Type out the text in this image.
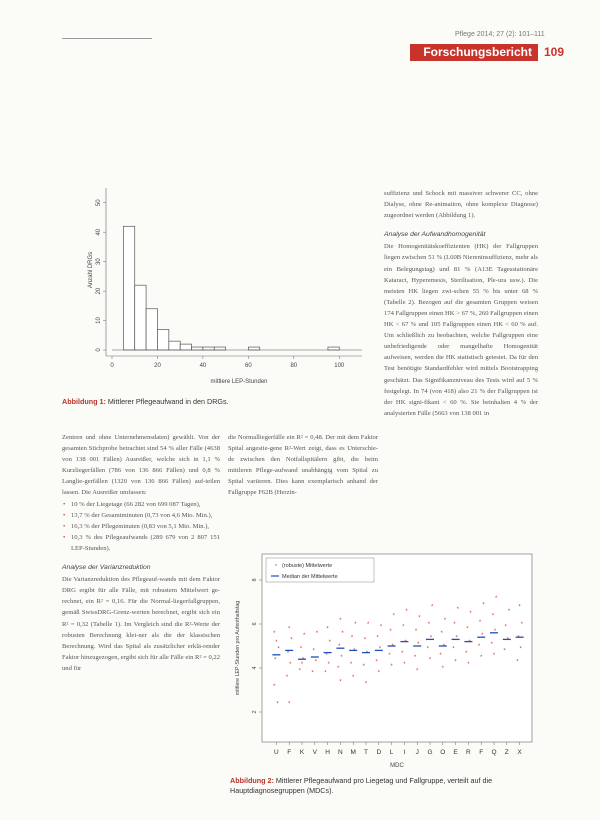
Pflege 2014; 27 (2): 101–111
Forschungsbericht	109
0	20	40	60	80	100
0
10
20
30
40
50
mittlere LEP-Stunden
Anzahl DRGs
Abbildung 1: Mittlerer Pflegeaufwand in den DRGs.

suffizienz und Schock mit massiver schwerer CC, ohne Dialyse, ohne Re-animation, ohne komplexe Diagnose) zugeordnet werden (Abbildung 1).

Analyse der Aufwandhomogenität

Die Homogenitätskoeffizienten (HK) der Fallgruppen liegen zwischen 51 % (L60B Niereninsuffizienz, mehr als ein Belegungstag) und 81 % (A13E Tagesstationäre Kataract, Hyperemesis, Sterilisation, Ple-ura usw.). Die meisten HK liegen zwi-schen 55 % bis unter 68 % (Tabelle 2). Bezogen auf die gesamten Gruppen weisen 174 Fallgruppen einen HK > 67 %, 260 Fallgruppen einen HK < 67 % und 105 Fallgruppen einen HK < 60 % auf. Um schließlich zu beobachten, welche Fallgruppen eine unbefriedigende oder mangelhafte Homogenität aufweisen, werden die HK statistisch getestet. Da für den Test benötigte Standardfehler wird mittels Bootstrapping geschätzt. Das Signifikanzniveau des Tests wird auf 5 % festgelegt. In 74 (von 418) also 21 % der Fallgruppen ist der HK signi-fikant < 60 %. Sie beinhalten 4 % der analysierten Fälle (5663 von 138 001 in

Zentren und ohne Unternehmensdaten) gewählt. Von der gesamten Stichprobe betrachtet sind 54 % aller Fälle (4638 von 138 001 Fällen) Ausreißer, welche sich in 1,1 % Kurzliegerfällen (786 von 136 866 Fällen) und 0,8 % Langlie-gerfällen (1320 von 136 866 Fällen) auf-teilen lassen. Die Ausreißer umfassen:

• 10 % der Liegetage (66 282 von 699 087 Tagen),
• 13,7 % der Gesamtminuten (0,73 von 4,6 Mio. Min.),
• 16,3 % der Pflegeminuten (0,83 von 5,1 Mio. Min.),
• 10,3 % des Pflegeaufwands (289 679 von 2 807 151 LEP-Stunden).
Analyse der Varianzreduktion

Die Varianzreduktion des Pflegeauf-wands mit dem Faktor DRG ergibt für alle Fälle, mit robustem Mittelwert ge-rechnet, ein R² = 0,16. Für die Normal-liegerfallgruppen, gemäß SwissDRG-Grenz-werten berechnet, ergibt sich ein R² = 0,32 (Tabelle 1). Im Vergleich sind die R²-Werte der robusten Berechnung klei-ner als die der klassischen Berechnung. Wird das Spital als zusätzlicher erklä-render Faktor hinzugezogen, ergibt sich für alle Fälle ein R² = 0,22 und für

die Normalliegerfälle ein R² = 0,48. Der mit dem Faktor Spital angestie-gene R²-Wert zeigt, dass es Unterschie-de zwischen den Notfallspitälern gibt, die beim mittleren Pflege-aufwand unabhängig vom Spital zu Spital variieren. Dies kann exemplarisch anhand der Fallgruppe F62B (Herzin-

2
4
6
8
U F K V H N M T D L I J G O E R F Q Z X
*
*
*
*
*
*
*
*
*
*
*
*
*
*
*
*
*
*
*
*
*
*
*
*
*
*
*
*
*
*
*
*
*
*
*
*
*
*
*
*
*
*
*
*
*
*
*
*
*
*
*
*
*
*
*
*
*
*
*
*
*
*
*
*
*
*
*
*
*
*
*
*
*
*
*
*
*
*
*
*
*
*
*
*
*
*
*
*
*
*
*
*
*
*
*
*
*
*
*
*
*
* (robuste) Mittelwerte
Median der Mittelwerte
MDC
mittlere LEP-Stunden pro Aufenthaltstag
Abbildung 2: Mittlerer Pflegeaufwand pro Liegetag und Fallgruppe, verteilt auf die Hauptdiagnosegruppen (MDCs).
